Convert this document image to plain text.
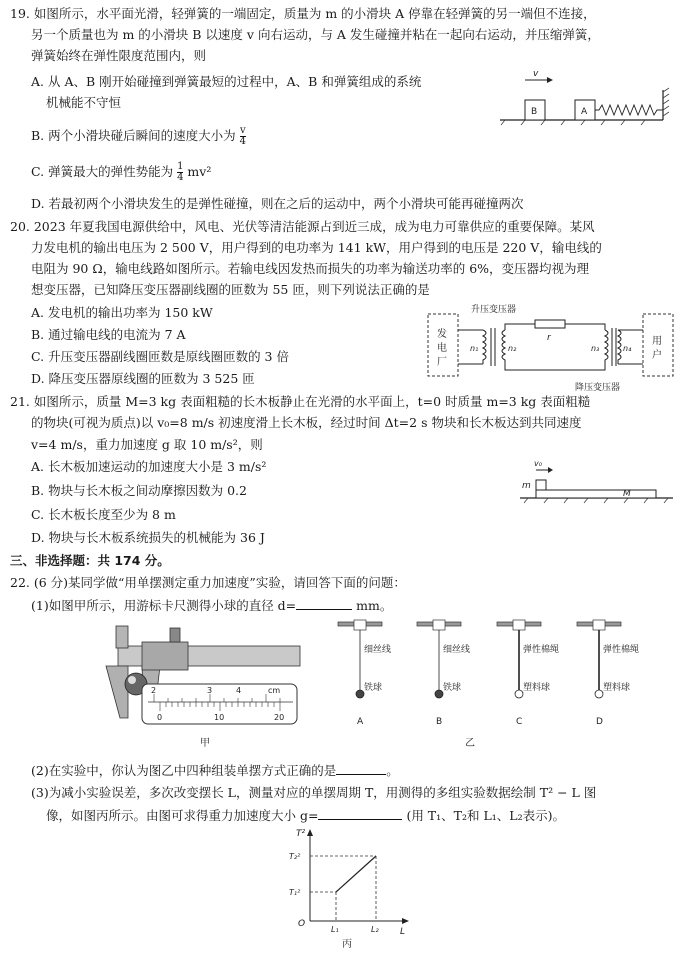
19. 如图所示，水平面光滑，轻弹簧的一端固定，质量为 m 的小滑块 A 停靠在轻弹簧的另一端但不连接，
另一个质量也为 m 的小滑块 B 以速度 v 向右运动，与 A 发生碰撞并粘在一起向右运动，并压缩弹簧，
弹簧始终在弹性限度范围内，则
A. 从 A、B 刚开始碰撞到弹簧最短的过程中，A、B 和弹簧组成的系统
机械能不守恒
B. 两个小滑块碰后瞬间的速度大小为 $\frac{v}{4}$
C. 弹簧最大的弹性势能为 $\frac{1}{4} mv^2$
D. 若最初两个小滑块发生的是弹性碰撞，则在之后的运动中，两个小滑块可能再碰撞两次
B	A
v
20. 2023 年夏我国电源供给中，风电、光伏等清洁能源占到近三成，成为电力可靠供应的重要保障。某风
力发电机的输出电压为 2 500 V，用户得到的电功率为 141 kW，用户得到的电压是 220 V，输电线的
电阻为 90 Ω，输电线路如图所示。若输电线因发热而损失的功率为输送功率的 6%，变压器均视为理
想变压器，已知降压变压器副线圈的匝数为 55 匝，则下列说法正确的是
A. 发电机的输出功率为 150 kW
B. 通过输电线的电流为 7 A
C. 升压变压器副线圈匝数是原线圈匝数的 3 倍
D. 降压变压器原线圈的匝数为 3 525 匝
发
电
厂
用
户
r
n₁	n₂	n₃	n₄
升压变压器
降压变压器
21. 如图所示，质量 M=3 kg 表面粗糙的长木板静止在光滑的水平面上，t=0 时质量 m=3 kg 表面粗糙
的物块(可视为质点)以 v₀=8 m/s 初速度滑上长木板，经过时间 Δt=2 s 物块和长木板达到共同速度
v=4 m/s，重力加速度 g 取 10 m/s²，则
A. 长木板加速运动的加速度大小是 3 m/s²
B. 物块与长木板之间动摩擦因数为 0.2
C. 长木板长度至少为 8 m
D. 物块与长木板系统损失的机械能为 36 J
m
M
v₀
三、非选择题：共 174 分。
22. (6 分)某同学做“用单摆测定重力加速度”实验，请回答下面的问题：
(1)如图甲所示，用游标卡尺测得小球的直径 d=	mm。
2	3	4	cm
0	10	20
甲	乙
细丝线
铁球
A
细丝线
铁球
B
弹性棉绳
塑料球
C
弹性棉绳
塑料球
D
(2)在实验中，你认为图乙中四种组装单摆方式正确的是	。
(3)为减小实验误差，多次改变摆长 L，测量对应的单摆周期 T，用测得的多组实验数据绘制 T² − L 图
像，如图丙所示。由图可求得重力加速度大小 g=	(用 T₁、T₂和 L₁、L₂表示)。
T²
L
O
T₂²
T₁²
L₁	L₂
丙
